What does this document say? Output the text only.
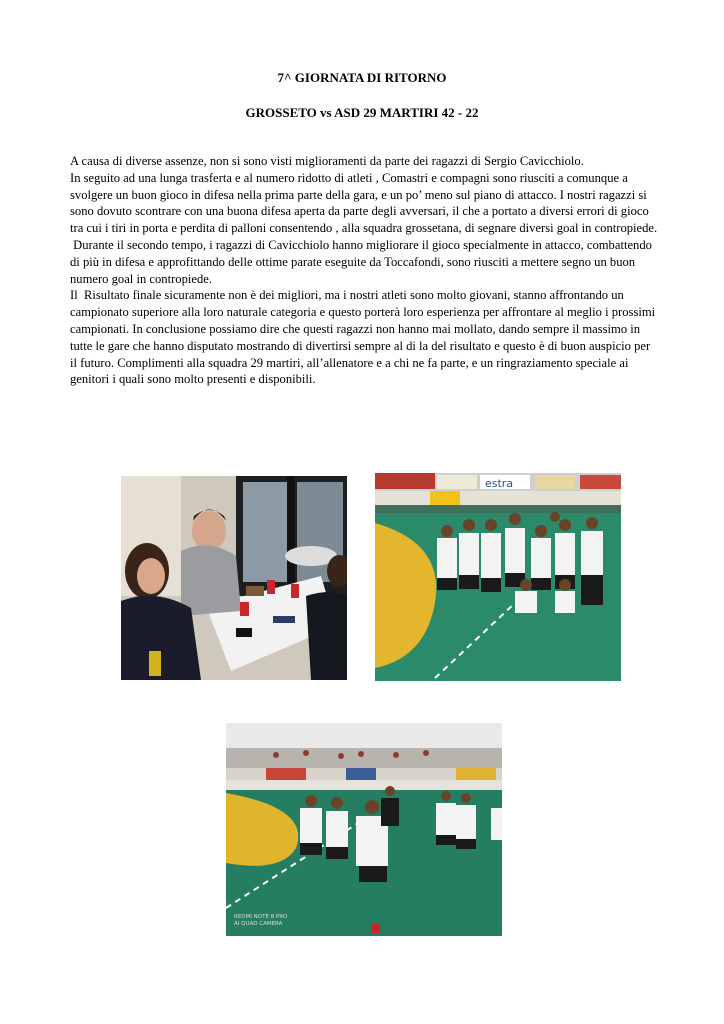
7^ GIORNATA DI RITORNO
GROSSETO vs ASD 29 MARTIRI 42 - 22

A causa di diverse assenze, non si sono visti miglioramenti da parte dei ragazzi di Sergio Cavicchiolo.

In seguito ad una lunga trasferta e al numero ridotto di atleti , Comastri e compagni sono riusciti a comunque a svolgere un buon gioco in difesa nella prima parte della gara, e un po’ meno sul piano di attacco. I nostri ragazzi si sono dovuto scontrare con una buona difesa aperta da parte degli avversari, il che a portato a diversi errori di gioco tra cui i tiri in porta e perdita di palloni consentendo , alla squadra grossetana, di segnare diversi goal in contropiede.

Durante il secondo tempo, i ragazzi di Cavicchiolo hanno migliorare il gioco specialmente in attacco, combattendo di più in difesa e approfittando delle ottime parate eseguite da Toccafondi, sono riusciti a mettere segno un buon numero goal in contropiede.

Il  Risultato finale sicuramente non è dei migliori, ma i nostri atleti sono molto giovani, stanno affrontando un campionato superiore alla loro naturale categoria e questo porterà loro esperienza per affrontare al meglio i prossimi campionati. In conclusione possiamo dire che questi ragazzi non hanno mai mollato, dando sempre il massimo in tutte le gare che hanno disputato mostrando di divertirsi sempre al di la del risultato e questo è di buon auspicio per il futuro. Complimenti alla squadra 29 martiri, all’allenatore e a chi ne fa parte, e un ringraziamento speciale ai genitori i quali sono molto presenti e disponibili.

estra
REDMI NOTE 8 PRO
AI QUAD CAMERA
